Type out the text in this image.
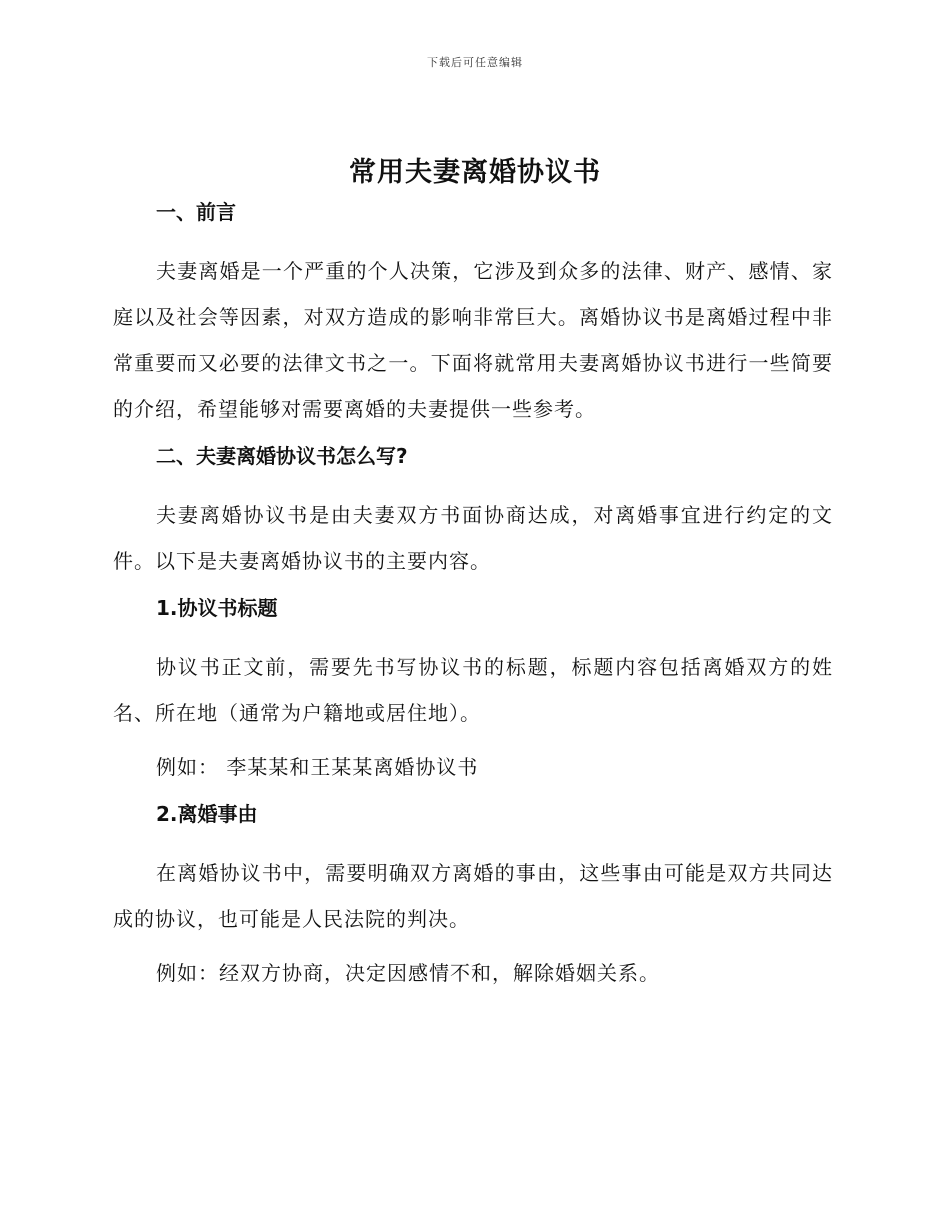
下载后可任意编辑
常用夫妻离婚协议书
一、前言

夫妻离婚是一个严重的个人决策，它涉及到众多的法律、财产、感情、家庭以及社会等因素，对双方造成的影响非常巨大。离婚协议书是离婚过程中非常重要而又必要的法律文书之一。下面将就常用夫妻离婚协议书进行一些简要的介绍，希望能够对需要离婚的夫妻提供一些参考。

二、夫妻离婚协议书怎么写?

夫妻离婚协议书是由夫妻双方书面协商达成，对离婚事宜进行约定的文件。以下是夫妻离婚协议书的主要内容。

1.协议书标题

协议书正文前，需要先书写协议书的标题，标题内容包括离婚双方的姓名、所在地（通常为户籍地或居住地）。

例如： 李某某和王某某离婚协议书

2.离婚事由

在离婚协议书中，需要明确双方离婚的事由，这些事由可能是双方共同达成的协议，也可能是人民法院的判决。

例如：经双方协商，决定因感情不和，解除婚姻关系。
